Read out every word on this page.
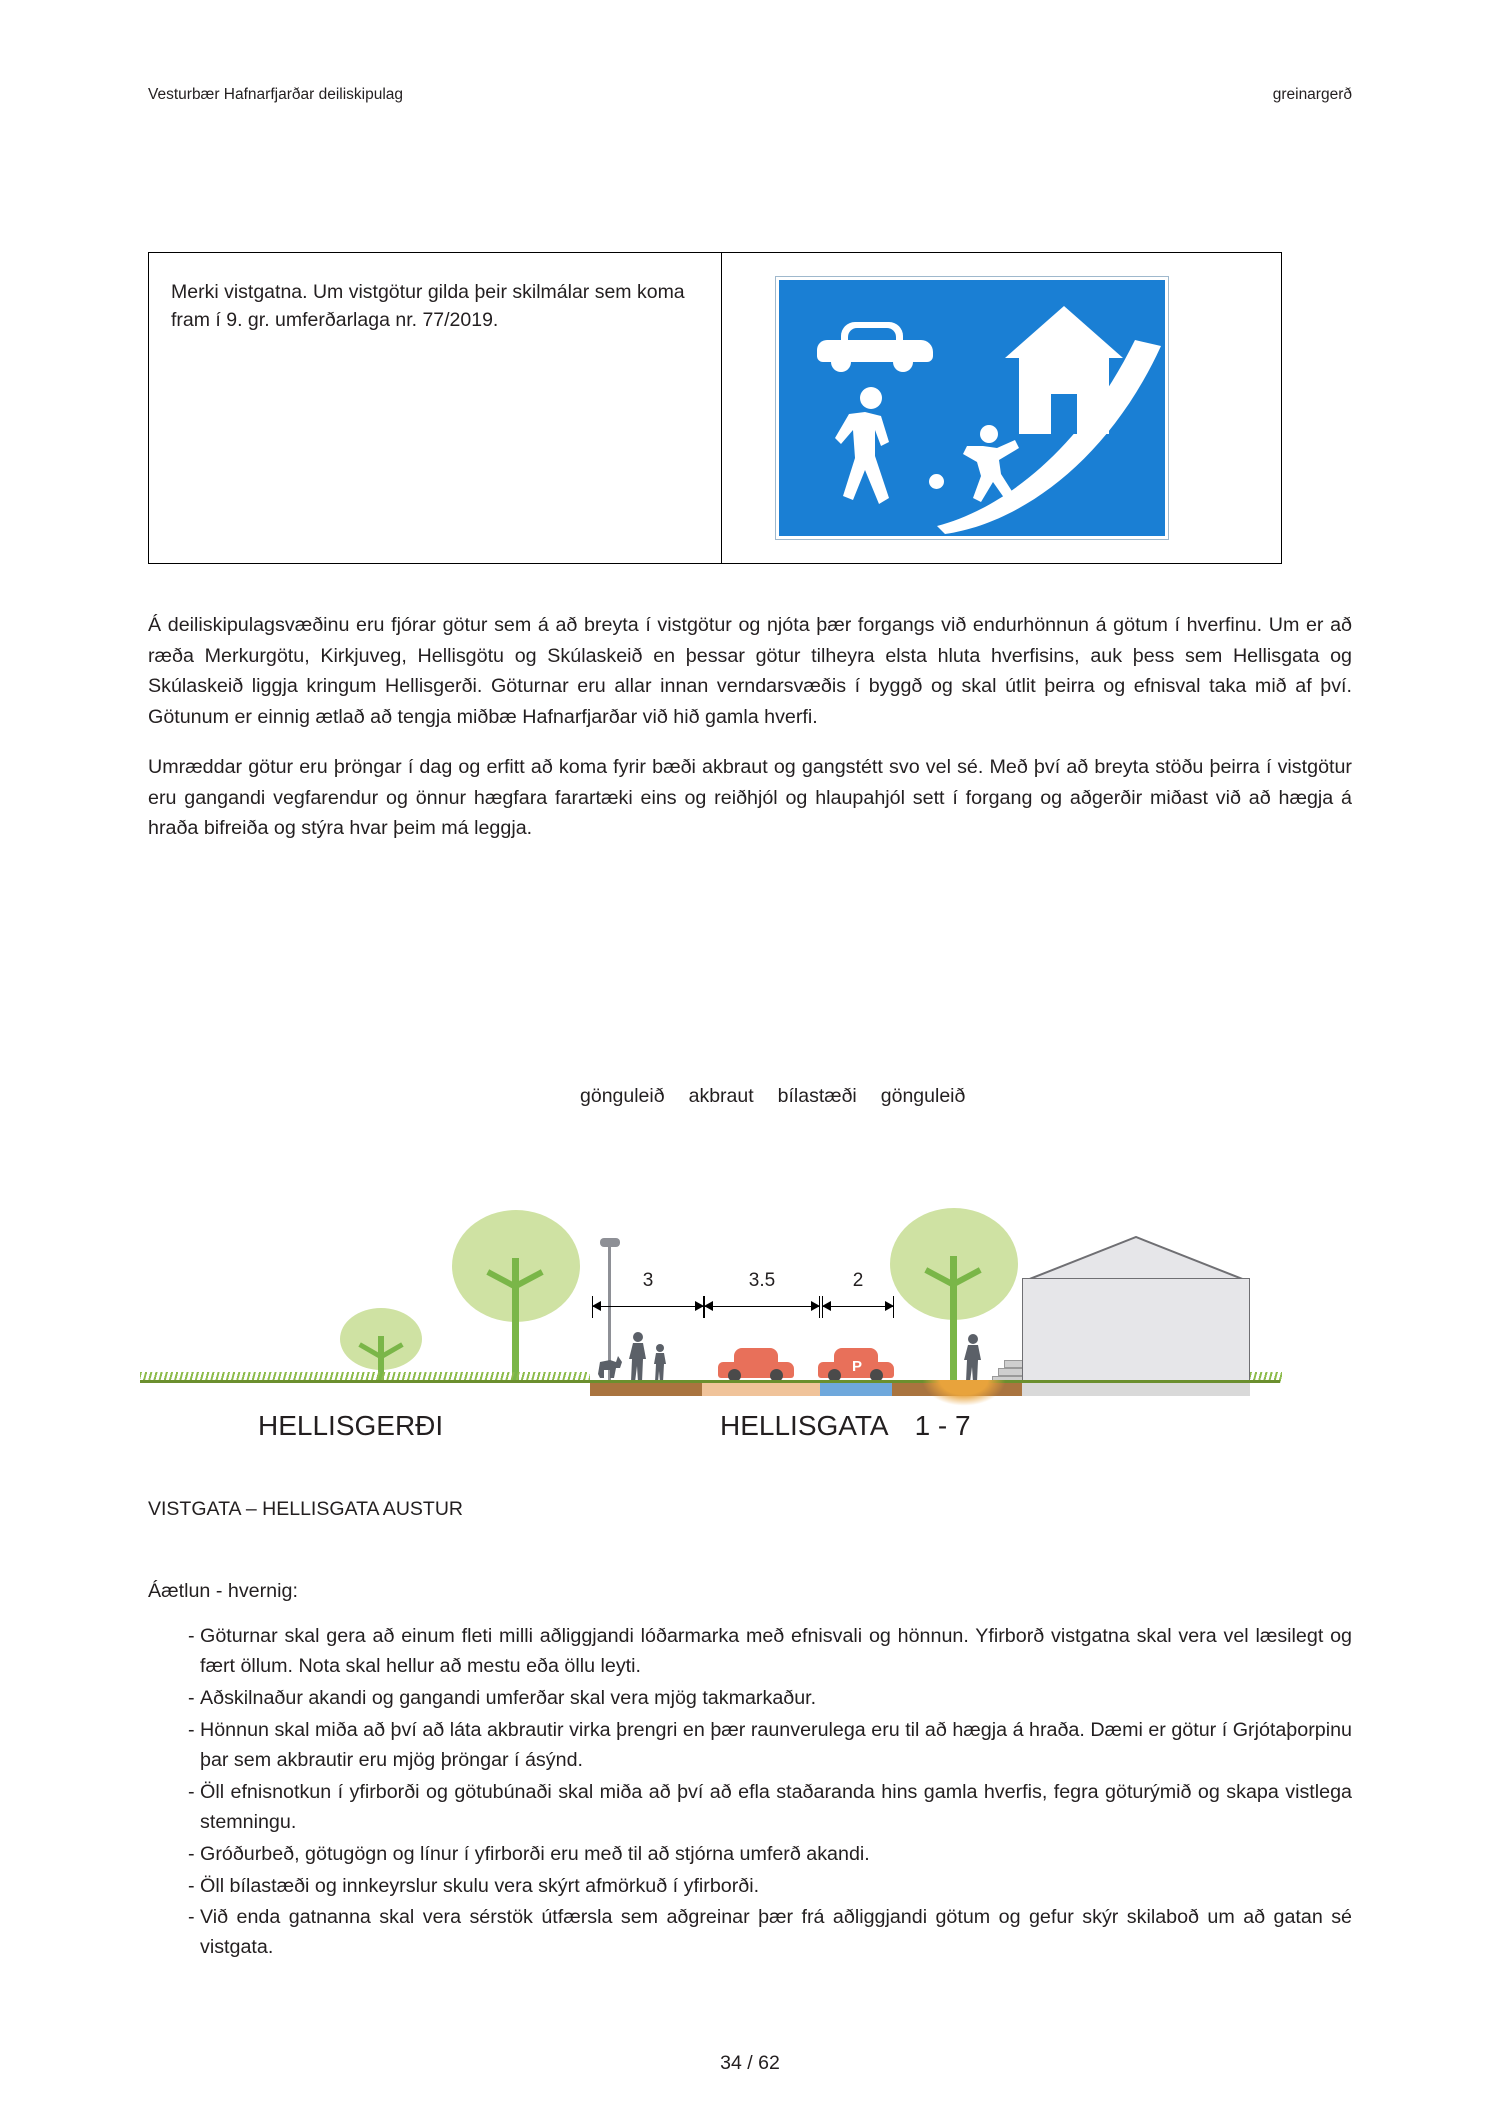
Vesturbær Hafnarfjarðar deiliskipulag	greinargerð
Merki vistgatna. Um vistgötur gilda þeir skilmálar sem koma fram í 9. gr. umferðarlaga nr. 77/2019.
Á deiliskipulagsvæðinu eru fjórar götur sem á að breyta í vistgötur og njóta þær forgangs við endurhönnun á götum í hverfinu. Um er að ræða Merkurgötu, Kirkjuveg, Hellisgötu og Skúlaskeið en þessar götur tilheyra elsta hluta hverfisins, auk þess sem Hellisgata og Skúlaskeið liggja kringum Hellisgerði. Göturnar eru allar innan verndarsvæðis í byggð og skal útlit þeirra og efnisval taka mið af því. Götunum er einnig ætlað að tengja miðbæ Hafnarfjarðar við hið gamla hverfi.
Umræddar götur eru þröngar í dag og erfitt að koma fyrir bæði akbraut og gangstétt svo vel sé. Með því að breyta stöðu þeirra í vistgötur eru gangandi vegfarendur og önnur hægfara farartæki eins og reiðhjól og hlaupahjól sett í forgang og aðgerðir miðast við að hægja á hraða bifreiða og stýra hvar þeim má leggja.
gönguleið akbraut bílastæði gönguleið
3	3.5	2
P
HELLISGERÐI	HELLISGATA 1 - 7
VISTGATA – HELLISGATA AUSTUR
Áætlun - hvernig:
- Göturnar skal gera að einum fleti milli aðliggjandi lóðarmarka með efnisvali og hönnun. Yfirborð vistgatna skal vera vel læsilegt og fært öllum. Nota skal hellur að mestu eða öllu leyti.
- Aðskilnaður akandi og gangandi umferðar skal vera mjög takmarkaður.
- Hönnun skal miða að því að láta akbrautir virka þrengri en þær raunverulega eru til að hægja á hraða. Dæmi er götur í Grjótaþorpinu þar sem akbrautir eru mjög þröngar í ásýnd.
- Öll efnisnotkun í yfirborði og götubúnaði skal miða að því að efla staðaranda hins gamla hverfis, fegra göturýmið og skapa vistlega stemningu.
- Gróðurbeð, götugögn og línur í yfirborði eru með til að stjórna umferð akandi.
- Öll bílastæði og innkeyrslur skulu vera skýrt afmörkuð í yfirborði.
- Við enda gatnanna skal vera sérstök útfærsla sem aðgreinar þær frá aðliggjandi götum og gefur skýr skilaboð um að gatan sé vistgata.
34 / 62
